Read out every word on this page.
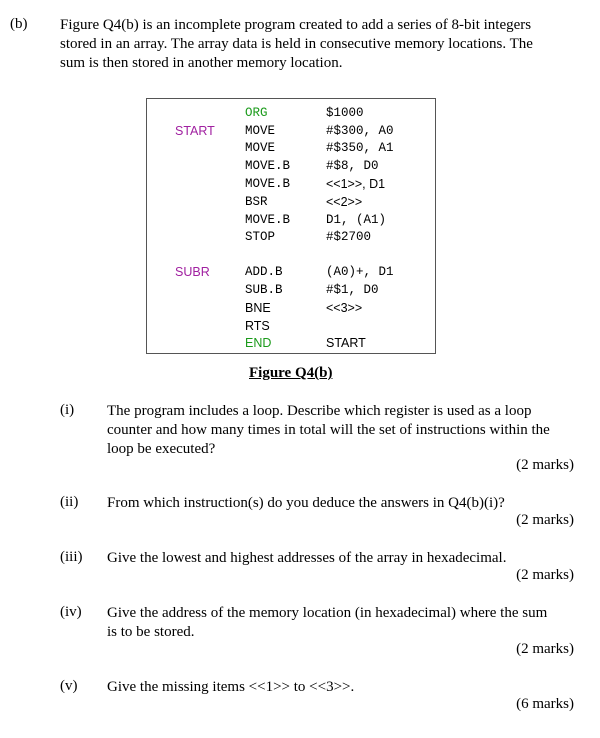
(b) Figure Q4(b) is an incomplete program created to add a series of 8-bit integers
stored in an array. The array data is held in consecutive memory locations. The
sum is then stored in another memory location.
ORG	$1000
START MOVE	#$300, A0
MOVE	#$350, A1
MOVE.B	#$8, D0
MOVE.B	<<1>>, D1
BSR	<<2>>
MOVE.B	D1, (A1)
STOP	#$2700
SUBR	ADD.B	(A0)+, D1
SUB.B	#$1, D0
BNE	<<3>>
RTS
END	START
Figure Q4(b)
(i) The program includes a loop. Describe which register is used as a loop
counter and how many times in total will the set of instructions within the
loop be executed?
(2 marks)
(ii) From which instruction(s) do you deduce the answers in Q4(b)(i)?
(2 marks)
(iii) Give the lowest and highest addresses of the array in hexadecimal.
(2 marks)
(iv) Give the address of the memory location (in hexadecimal) where the sum
is to be stored.
(2 marks)
(v) Give the missing items <<1>> to <<3>>.
(6 marks)
